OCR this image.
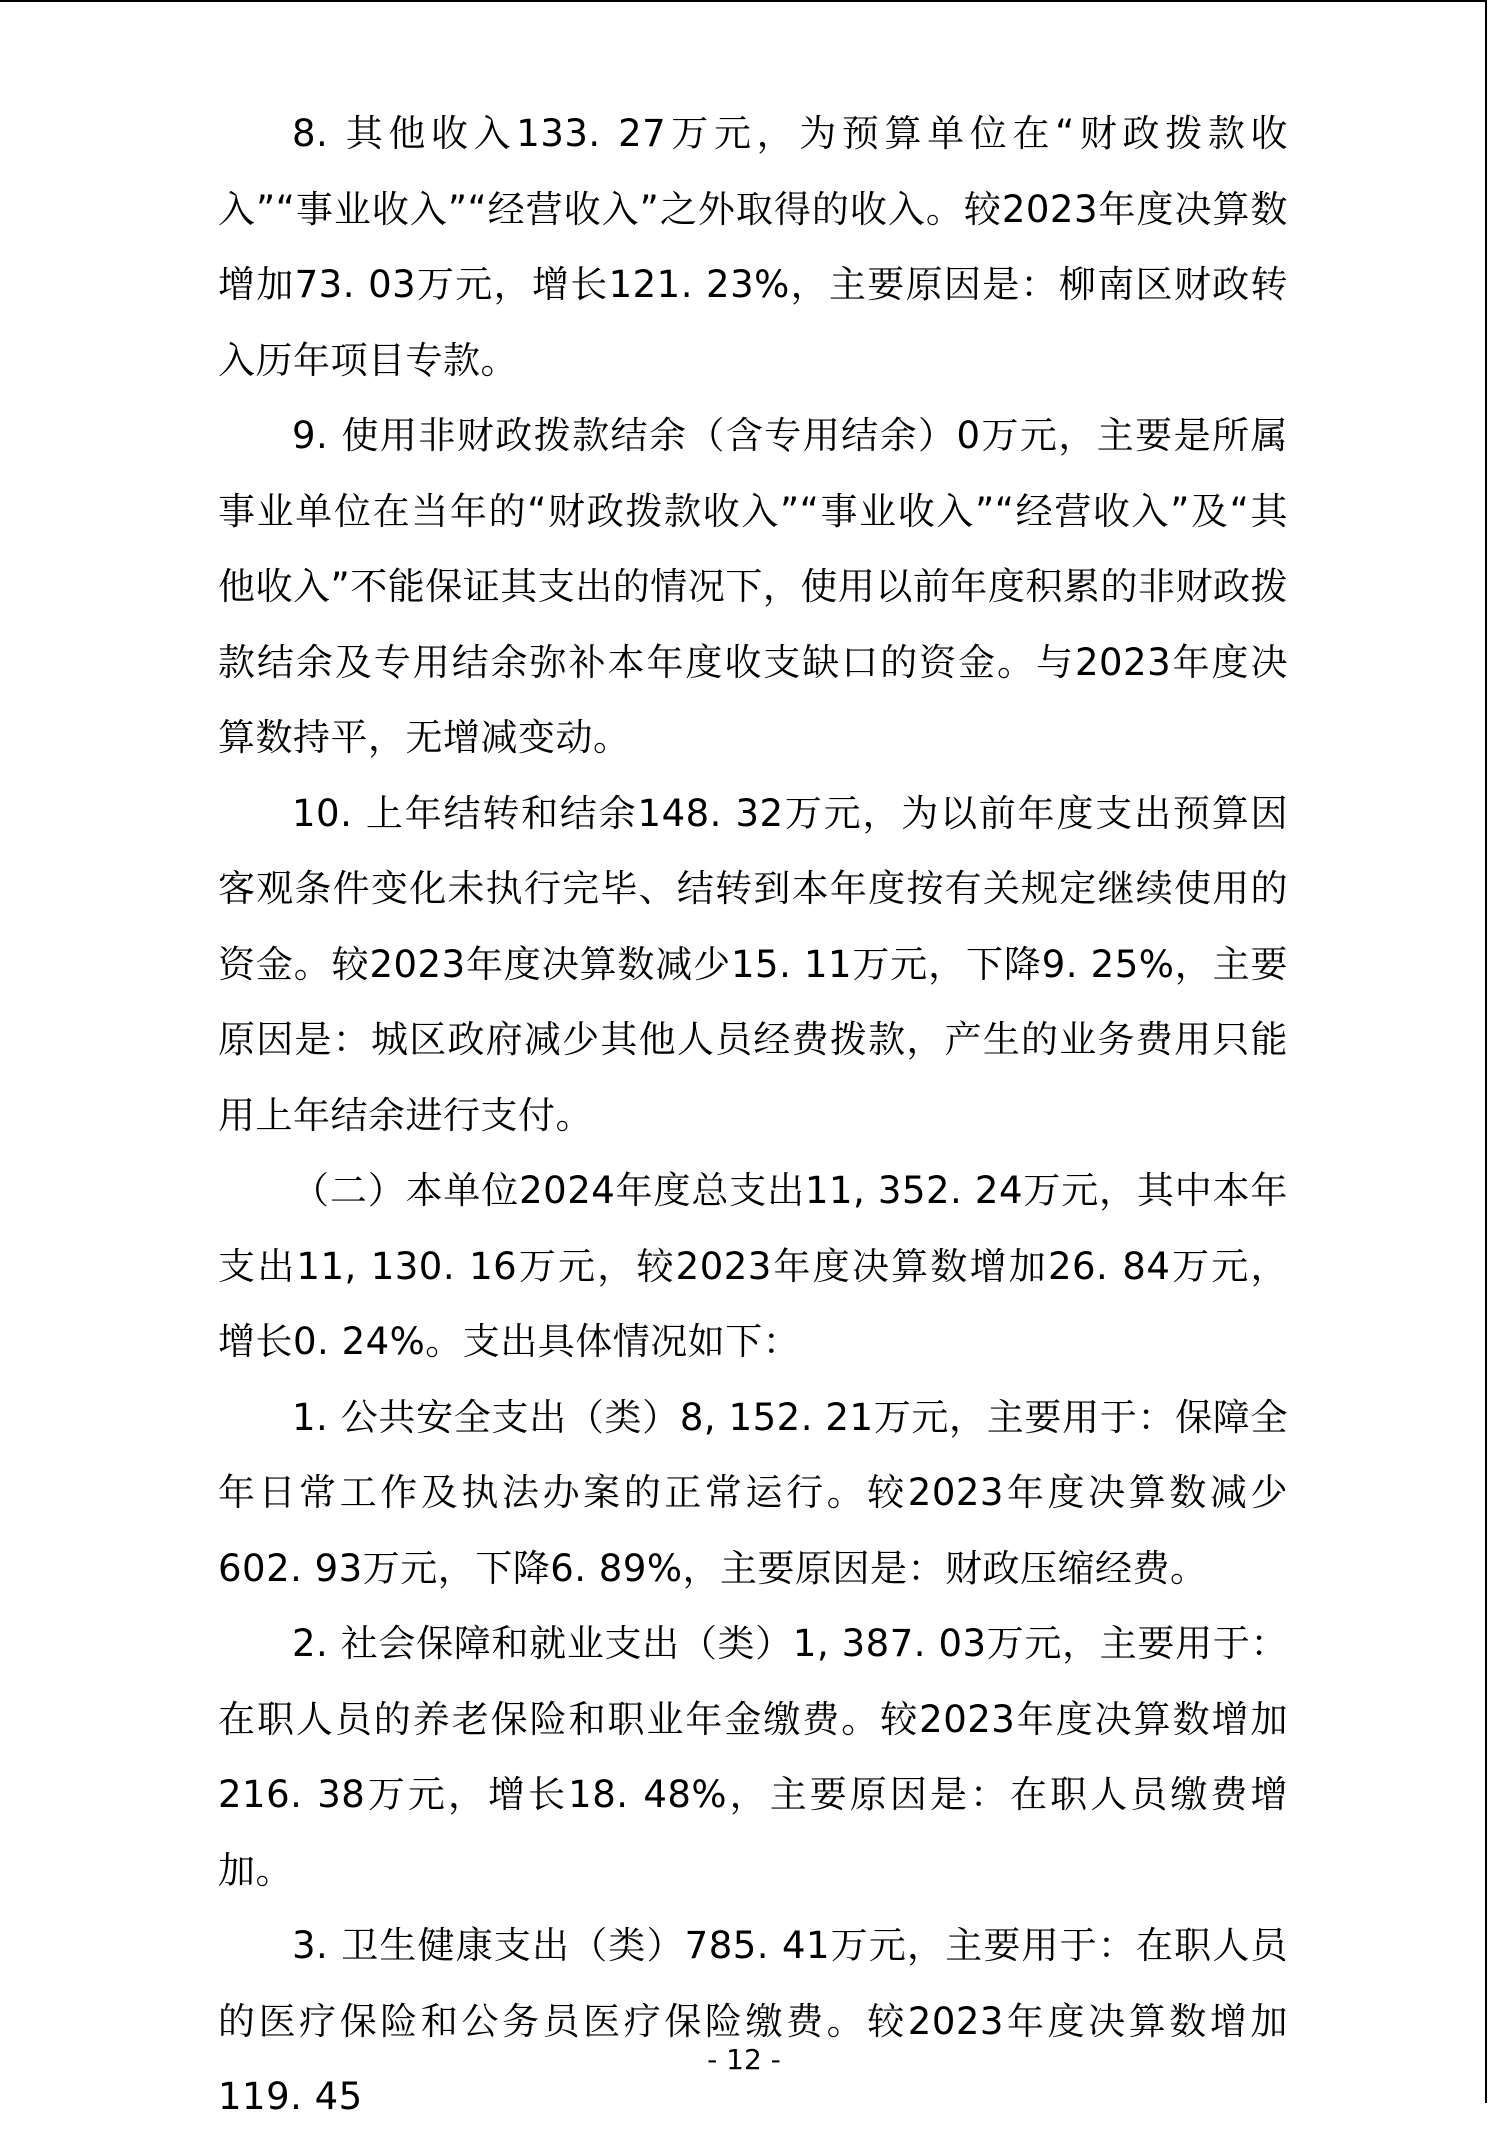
8. 其他收入133. 27万元，为预算单位在“财政拨款收入”“事业收入”“经营收入”之外取得的收入。较2023年度决算数增加73. 03万元，增长121. 23%，主要原因是：柳南区财政转入历年项目专款。

9. 使用非财政拨款结余（含专用结余）0万元，主要是所属事业单位在当年的“财政拨款收入”“事业收入”“经营收入”及“其他收入”不能保证其支出的情况下，使用以前年度积累的非财政拨款结余及专用结余弥补本年度收支缺口的资金。与2023年度决算数持平，无增减变动。

10. 上年结转和结余148. 32万元，为以前年度支出预算因客观条件变化未执行完毕、结转到本年度按有关规定继续使用的资金。较2023年度决算数减少15. 11万元，下降9. 25%，主要原因是：城区政府减少其他人员经费拨款，产生的业务费用只能用上年结余进行支付。

（二）本单位2024年度总支出11, 352. 24万元，其中本年支出11, 130. 16万元，较2023年度决算数增加26. 84万元，增长0. 24%。支出具体情况如下：

1. 公共安全支出（类）8, 152. 21万元，主要用于：保障全年日常工作及执法办案的正常运行。较2023年度决算数减少602. 93万元，下降6. 89%，主要原因是：财政压缩经费。

2. 社会保障和就业支出（类）1, 387. 03万元，主要用于：在职人员的养老保险和职业年金缴费。较2023年度决算数增加216. 38万元，增长18. 48%，主要原因是：在职人员缴费增加。

3. 卫生健康支出（类）785. 41万元，主要用于：在职人员的医疗保险和公务员医疗保险缴费。较2023年度决算数增加119. 45

- 12 -
